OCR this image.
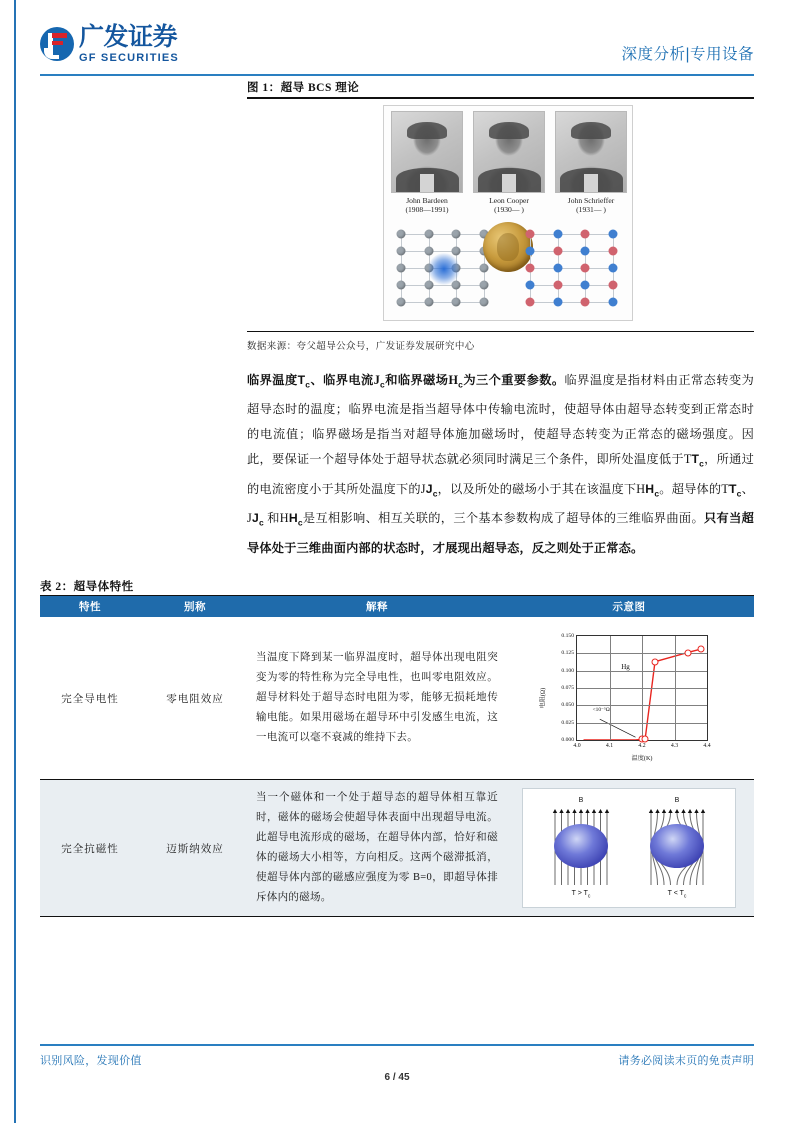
广发证券
GF SECURITIES	深度分析|专用设备
图 1：超导 BCS 理论
John Bardeen
(1908—1991)
Leon Cooper
(1930— )
John Schrieffer
(1931— )
数据来源：夸父超导公众号，广发证券发展研究中心
临界温度$T_c$、临界电流$J_c$和临界磁场$H_c$为三个重要参数。临界温度是指材料由正常态转变为超导态时的温度；临界电流是指当超导体中传输电流时，使超导体由超导态转变到正常态时的电流值；临界磁场是指当对超导体施加磁场时，使超导态转变为正常态的磁场强度。因此，要保证一个超导体处于超导状态就必须同时满足三个条件，即所处温度低于$TT_c$，所通过的电流密度小于其所处温度下的$JJ_c$，以及所处的磁场小于其在该温度下$HH_c$。超导体的$TT_c$、$JJ_c$ 和$HH_c$是互相影响、相互关联的，三个基本参数构成了超导体的三维临界曲面。只有当超导体处于三维曲面内部的状态时，才展现出超导态，反之则处于正常态。
表 2：超导体特性
特性	别称	解释	示意图
完全导电性	零电阻效应	当温度下降到某一临界温度时，超导体出现电阻突变为零的特性称为完全导电性，也叫零电阻效应。 超导材料处于超导态时电阻为零，能够无损耗地传输电能。如果用磁场在超导环中引发感生电流，这一电流可以毫不衰减的维持下去。	
电阻(Ω)
Hg
<10⁻⁵Ω
0.000
0.025
0.050
0.075
0.100
0.125
0.150
4.0	4.1	4.2	4.3	4.4
温度(K)

完全抗磁性	迈斯纳效应	当一个磁体和一个处于超导态的超导体相互靠近时，磁体的磁场会使超导体表面中出现超导电流。此超导电流形成的磁场，在超导体内部，恰好和磁体的磁场大小相等，方向相反。这两个磁滞抵消，使超导体内部的磁感应强度为零 B=0，即超导体排斥体内的磁场。	B
$T > T_c$
B
$T < T_c$
识别风险，发现价值	请务必阅读末页的免责声明
6 / 45
